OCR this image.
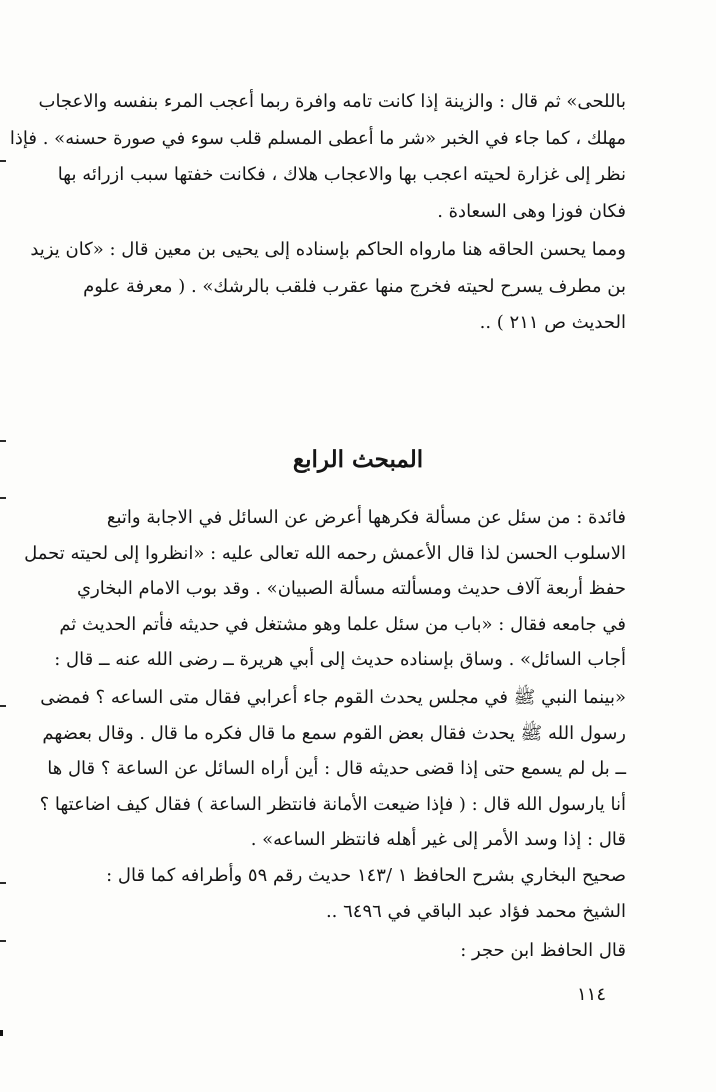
باللحى» ثم قال : والزينة إذا كانت تامه وافرة ربما أعجب المرء بنفسه والاعجاب
مهلك ، كما جاء في الخبر «شر ما أعطى المسلم قلب سوء في صورة حسنه» . فإذا
نظر إلى غزارة لحيته اعجب بها والاعجاب هلاك ، فكانت خفتها سبب ازرائه بها
فكان فوزا وهى السعادة .
ومما يحسن الحاقه هنا مارواه الحاكم بإسناده إلى يحيى بن معين قال : «كان يزيد
بن مطرف يسرح لحيته فخرج منها عقرب فلقب بالرشك» . ( معرفة علوم
الحديث ص ٢١١ ) ..
المبحث الرابع
فائدة : من سئل عن مسألة فكرهها أعرض عن السائل في الاجابة واتبع
الاسلوب الحسن لذا قال الأعمش رحمه الله تعالى عليه : «انظروا إلى لحيته تحمل
حفظ أربعة آلاف حديث ومسألته مسألة الصبيان» . وقد بوب الامام البخاري
في جامعه فقال : «باب من سئل علما وهو مشتغل في حديثه فأتم الحديث ثم
أجاب السائل» . وساق بإسناده حديث إلى أبي هريرة ــ رضى الله عنه ــ قال :
«بينما النبي ﷺ في مجلس يحدث القوم جاء أعرابي فقال متى الساعه ؟ فمضى
رسول الله ﷺ يحدث فقال بعض القوم سمع ما قال فكره ما قال . وقال بعضهم
ــ بل لم يسمع حتى إذا قضى حديثه قال : أين أراه السائل عن الساعة ؟ قال ها
أنا يارسول الله قال : ( فإذا ضيعت الأمانة فانتظر الساعة ) فقال كيف اضاعتها ؟
قال : إذا وسد الأمر إلى غير أهله فانتظر الساعه» .
صحيح البخاري بشرح الحافظ ١ /١٤٣ حديث رقم ٥٩ وأطرافه كما قال :
الشيخ محمد فؤاد عبد الباقي في ٦٤٩٦ ..
قال الحافظ ابن حجر :
١١٤
